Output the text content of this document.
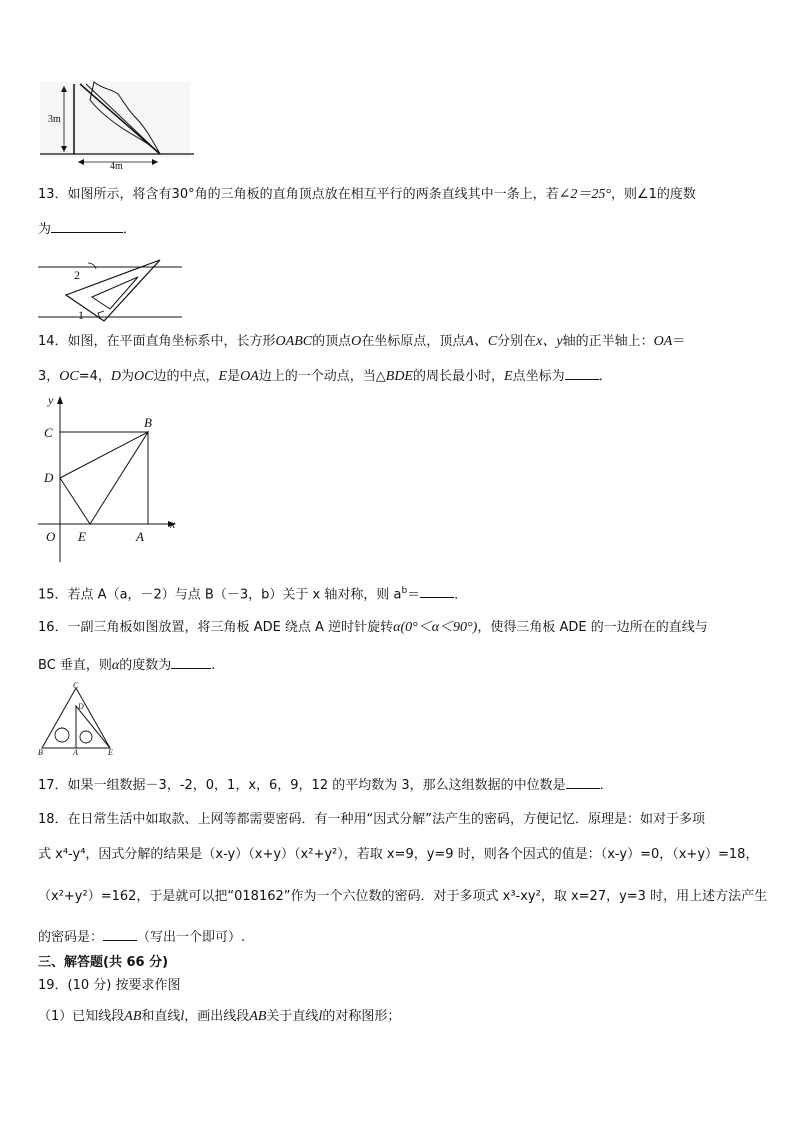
3m
4m
13．如图所示，将含有30°角的三角板的直角顶点放在相互平行的两条直线其中一条上，若∠2＝25°，则∠1的度数
为	．
2
1
14．如图，在平面直角坐标系中，长方形OABC的顶点O在坐标原点，顶点A、C分别在x、y轴的正半轴上：OA＝
3，OC=4，D为OC边的中点，E是OA边上的一个动点，当△BDE的周长最小时，E点坐标为	．
y
x
C
B
D
O E	A
15．若点 A（a，－2）与点 B（－3，b）关于 x 轴对称，则 $a^b=$	．
16．一副三角板如图放置，将三角板 ADE 绕点 A 逆时针旋转α(0°＜α＜90°)，使得三角板 ADE 的一边所在的直线与
BC 垂直，则α的度数为	.
C
D
B	A	E
17．如果一组数据－3，-2，0，1，x，6，9，12 的平均数为 3，那么这组数据的中位数是	．
18．在日常生活中如取款、上网等都需要密码．有一种用“因式分解”法产生的密码，方便记忆．原理是：如对于多项
式 x⁴-y⁴，因式分解的结果是（x-y）（x+y）（x²+y²），若取 x=9，y=9 时，则各个因式的值是：（x-y）=0，（x+y）=18，
（x²+y²）=162，于是就可以把“018162”作为一个六位数的密码．对于多项式 x³-xy²，取 x=27，y=3 时，用上述方法产生
的密码是：	（写出一个即可）.
三、解答题(共 66 分)
19．(10 分) 按要求作图
（1）已知线段AB和直线l，画出线段AB关于直线l的对称图形；
